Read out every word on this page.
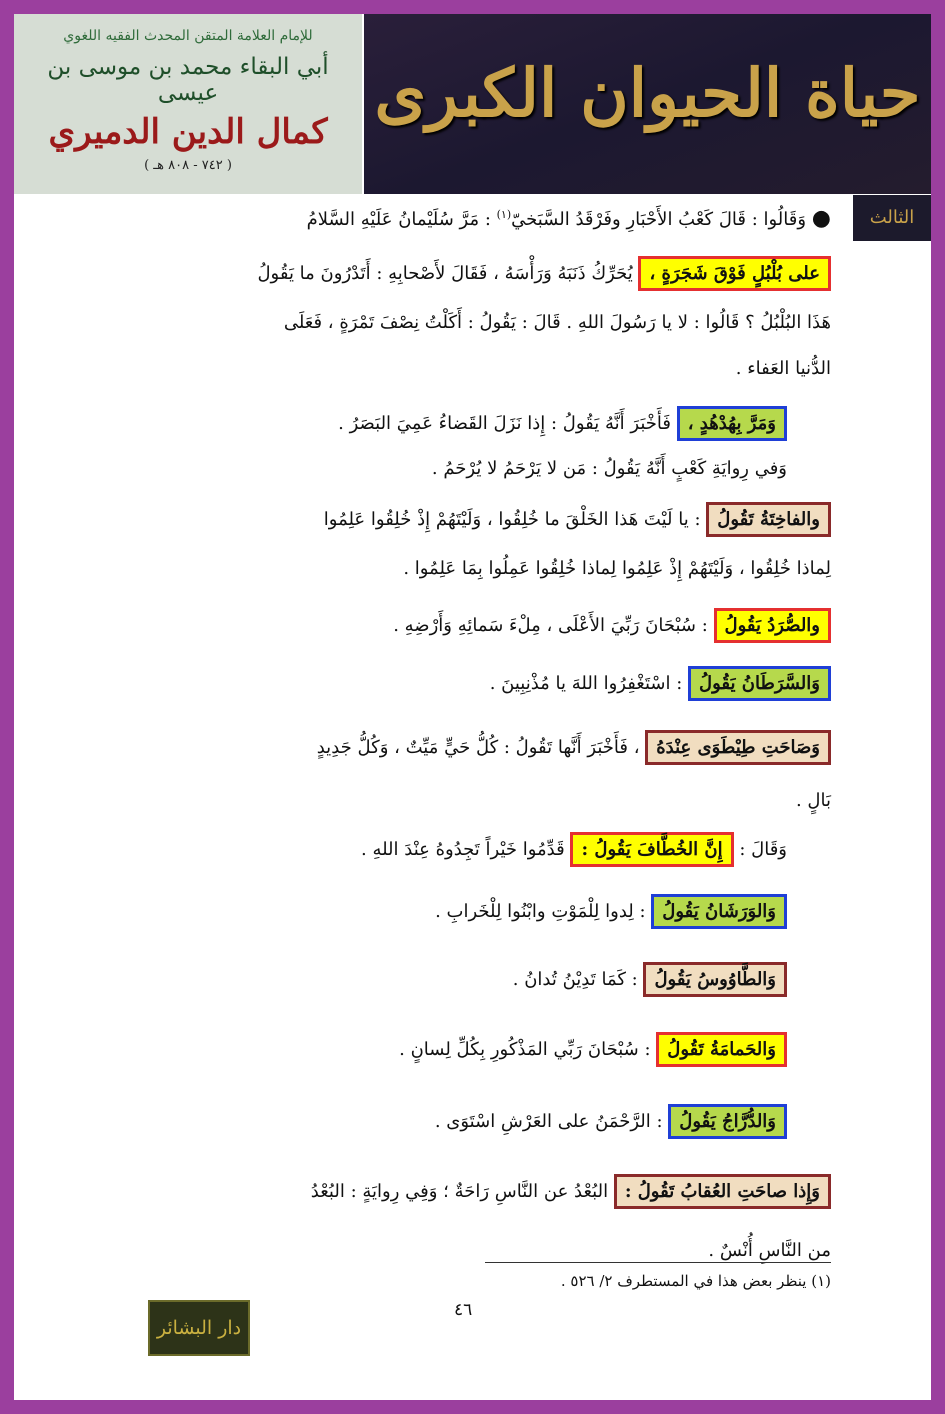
للإمام العلامة المتقن المحدث الفقيه اللغوي
أبي البقاء محمد بن موسى بن عيسى
كمال الدين الدميري
( ٧٤٢ - ٨٠٨ هـ )
حياة الحيوان الكبرى
الثالث
● وَقَالُوا : قَالَ كَعْبُ الأَحْبَارِ وفَرْقَدُ السَّبَخيّ$^{(١)}$ : مَرَّ سُلَيْمانُ عَلَيْهِ السَّلامُ
على بُلْبُلٍ فَوْقَ شَجَرَةٍ ، يُحَرِّكُ ذَنَبَهُ وَرَأْسَهُ ، فَقَالَ لأَصْحابِهِ : أَتَدْرُونَ ما يَقُولُ
هَذَا البُلْبُلُ ؟ قَالُوا : لا يا رَسُولَ اللهِ . قَالَ : يَقُولُ : أَكَلْتُ نِصْفَ تَمْرَةٍ ، فَعَلَى
الدُّنيا العَفاء .
وَمَرَّ بِهُدْهُدٍ ، فَأَخْبَرَ أَنَّهُ يَقُولُ : إِذا نَزَلَ القَضاءُ عَمِيَ البَصَرُ .
وَفي رِوايَةِ كَعْبٍ أَنَّهُ يَقُولُ : مَن لا يَرْحَمُ لا يُرْحَمُ .
والفاخِتَةُ تَقُولُ : يا لَيْتَ هَذا الخَلْقَ ما خُلِقُوا ، وَلَيْتَهُمْ إِذْ خُلِقُوا عَلِمُوا
لِماذا خُلِقُوا ، وَلَيْتَهُمْ إِذْ عَلِمُوا لِماذا خُلِقُوا عَمِلُوا بِمَا عَلِمُوا .
والصُّرَدُ يَقُولُ : سُبْحَانَ رَبِّيَ الأَعْلَى ، مِلْءَ سَمائِهِ وَأَرْضِهِ .
وَالسَّرَطَانُ يَقُولُ : اسْتَغْفِرُوا اللهَ يا مُذْنِبِينَ .
وَصَاحَتِ طِيْطَوَى عِنْدَهُ ، فَأَخْبَرَ أَنَّها تَقُولُ : كُلُّ حَيٍّ مَيِّتٌ ، وَكُلُّ جَدِيدٍ
بَالٍ .
وَقَالَ : إِنَّ الخُطَّافَ يَقُولُ : قَدِّمُوا خَيْراً تَجِدُوهُ عِنْدَ اللهِ .
وَالوَرَشَانُ يَقُولُ : لِدوا لِلْمَوْتِ وابْنُوا لِلْخَرابِ .
وَالطَّاوُوسُ يَقُولُ : كَمَا تَدِيْنُ تُدانُ .
وَالحَمامَةُ تَقُولُ : سُبْحَانَ رَبِّي المَذْكُورِ بِكُلِّ لِسانٍ .
وَالدُّرَّاجُ يَقُولُ : الرَّحْمَنُ على العَرْشِ اسْتَوَى .
وَإِذا صاحَتِ العُقابُ تَقُولُ : البُعْدُ عن النَّاسِ رَاحَةٌ ؛ وَفِي رِوايَةٍ : البُعْدُ
من النَّاسِ أُنْسٌ .
(١) ينظر بعض هذا في المستطرف ٢/ ٥٢٦ .
٤٦
دار البشائر
